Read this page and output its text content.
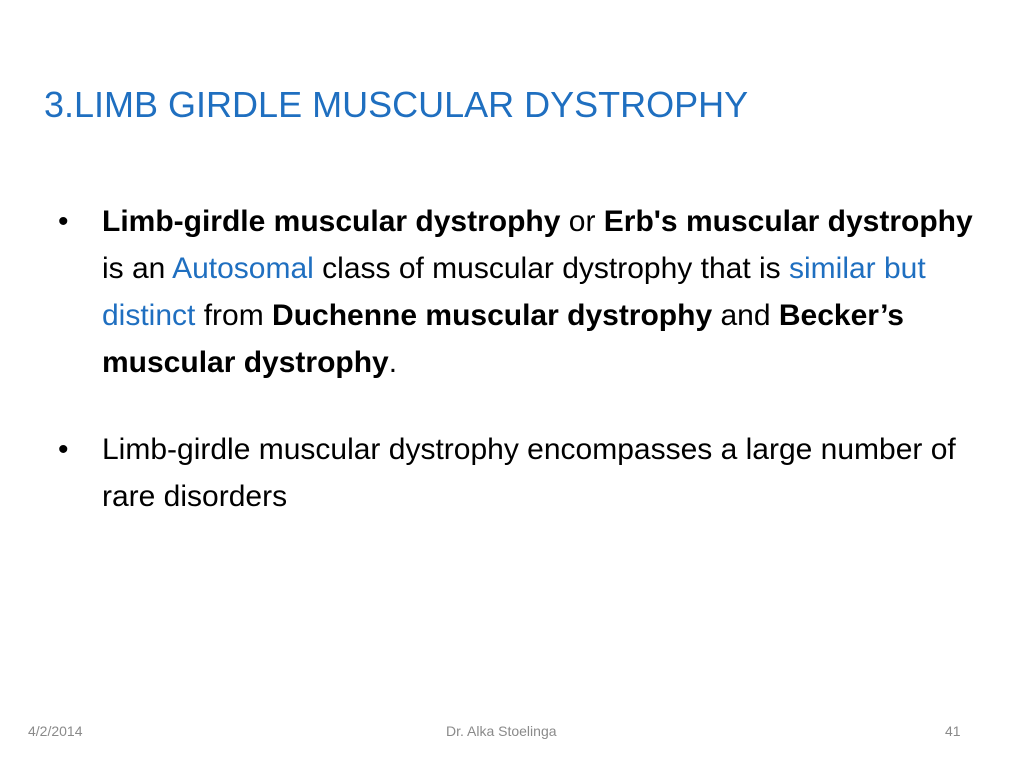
3.LIMB GIRDLE MUSCULAR DYSTROPHY
• Limb-girdle muscular dystrophy or Erb's muscular dystrophy is an Autosomal class of muscular dystrophy that is similar but distinct from Duchenne muscular dystrophy and Becker’s muscular dystrophy.
• Limb-girdle muscular dystrophy encompasses a large number of rare disorders
4/2/2014	Dr. Alka Stoelinga	41
